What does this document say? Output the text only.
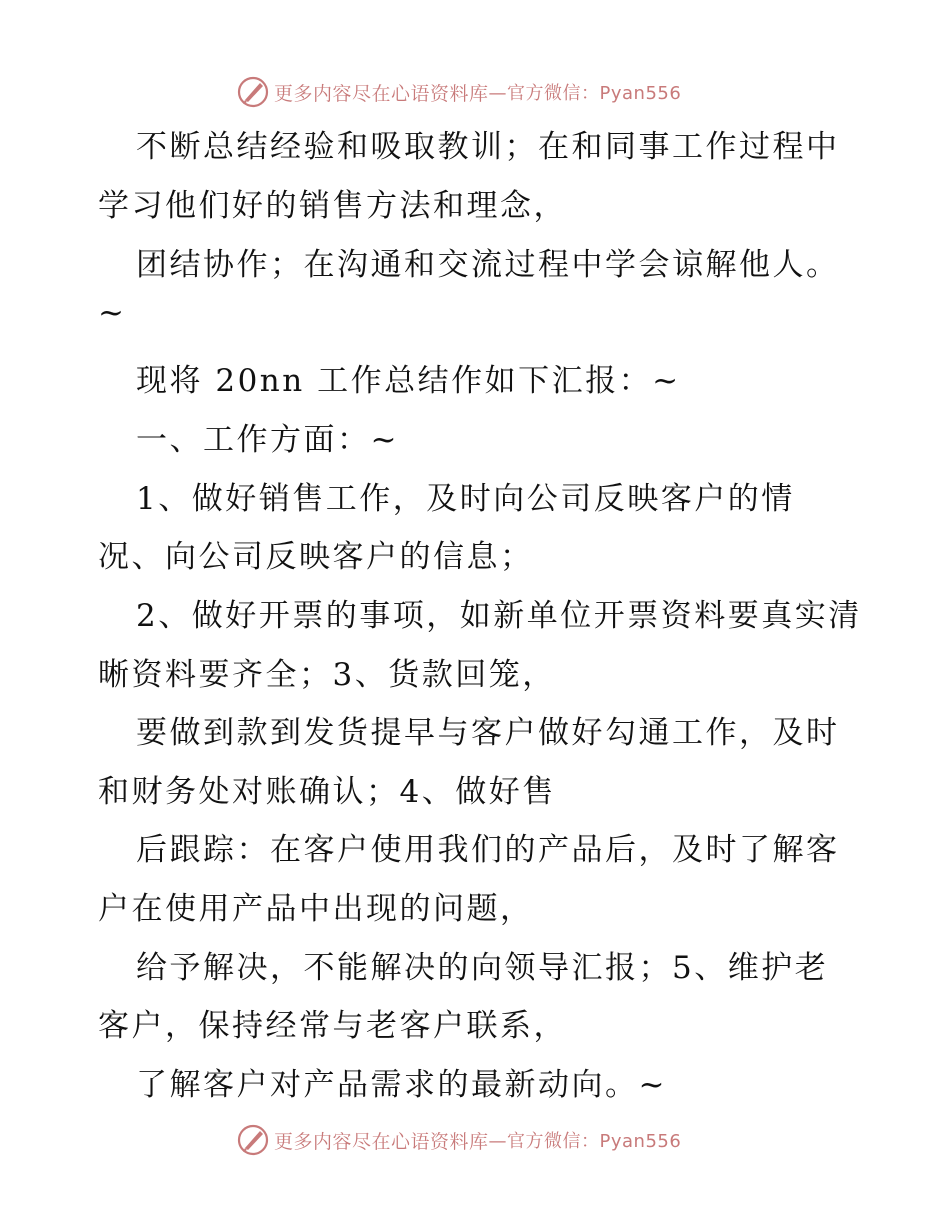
更多内容尽在心语资料库 —官方微信：Pyan556
不断总结经验和吸取教训；在和同事工作过程中
学习他们好的销售方法和理念，
团结协作；在沟通和交流过程中学会谅解他人。
~
现将 20nn 工作总结作如下汇报：~
一、工作方面：~
1、做好销售工作，及时向公司反映客户的情
况、向公司反映客户的信息；
2、做好开票的事项，如新单位开票资料要真实清
晰资料要齐全；3、货款回笼，
要做到款到发货提早与客户做好勾通工作，及时
和财务处对账确认；4、做好售
后跟踪：在客户使用我们的产品后，及时了解客
户在使用产品中出现的问题，
给予解决，不能解决的向领导汇报；5、维护老
客户，保持经常与老客户联系，
了解客户对产品需求的最新动向。~
更多内容尽在心语资料库 —官方微信：Pyan556
